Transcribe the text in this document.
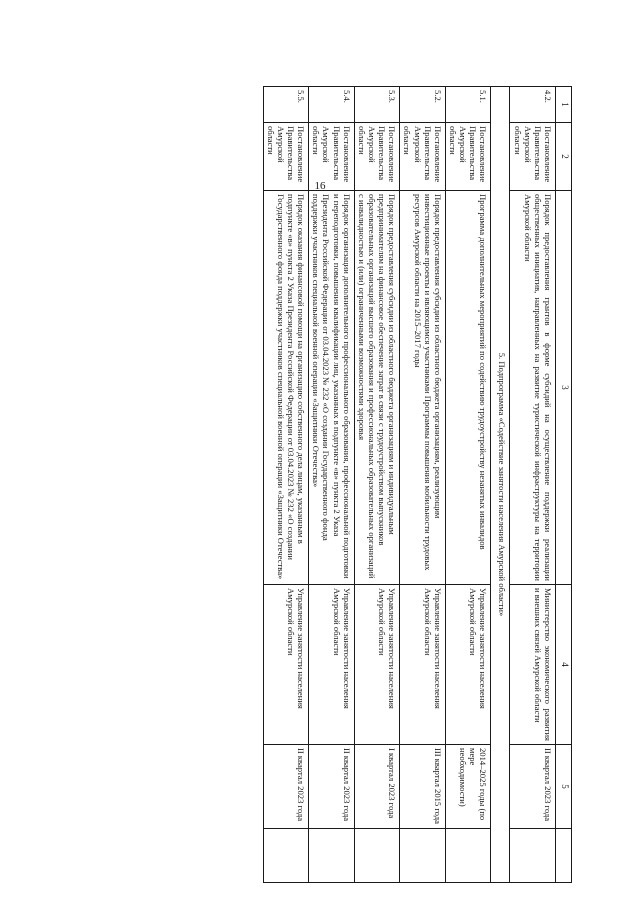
16
1	2	3	4	5	
4.2.	Постановление Правительства Амурской области	Порядок предоставления грантов в форме субсидий на осуществление поддержки реализации общественных инициатив, направленных на развитие туристической инфраструктуры на территории Амурской области	Министерство экономического развития и внешних связей Амурской области	II квартал 2023 года	
5. Подпрограмма «Содействие занятости населения Амурской области»					
5.1.	Постановление Правительства Амурской области	Программа дополнительных мероприятий по содействию трудоустройству незанятых инвалидов	Управление занятости населения Амурской области	2014–2025 годы (по мере необходимости)	
5.2.	Постановление Правительства Амурской области	Порядок предоставления субсидии из областного бюджета организациям, реализующим инвестиционные проекты и являющимся участниками Программы повышения мобильности трудовых ресурсов Амурской области на 2015–2017 годы	Управление занятости населения Амурской области	III квартал 2015 года	
5.3.	Постановление Правительства Амурской области	Порядок предоставления субсидии из областного бюджета организациям и индивидуальным предпринимателям на финансовое обеспечение затрат в связи с трудоустройством выпускников образовательных организаций высшего образования и профессиональных образовательных организаций с инвалидностью и (или) ограниченными возможностями здоровья	Управление занятости населения Амурской области	I квартал 2023 года	
5.4.	Постановление Правительства Амурской области	Порядок организации дополнительного профессионального образования, профессиональной подготовки и переподготовки, повышения квалификации лиц, указанных в подпункте «в» пункта 2 Указа Президента Российской Федерации от 03.04.2023 № 232 «О создании Государственного фонда поддержки участников специальной военной операции «Защитники Отечества»	Управление занятости населения Амурской области	II квартал 2023 года	
5.5.	Постановление Правительства Амурской области	Порядок оказания финансовой помощи на организацию собственного дела лицам, указанным в подпункте «в» пункта 2 Указа Президента Российской Федерации от 03.04.2023 № 232 «О создании Государственного фонда поддержки участников специальной военной операции «Защитники Отечества»	Управление занятости населения Амурской области	II квартал 2023 года	
